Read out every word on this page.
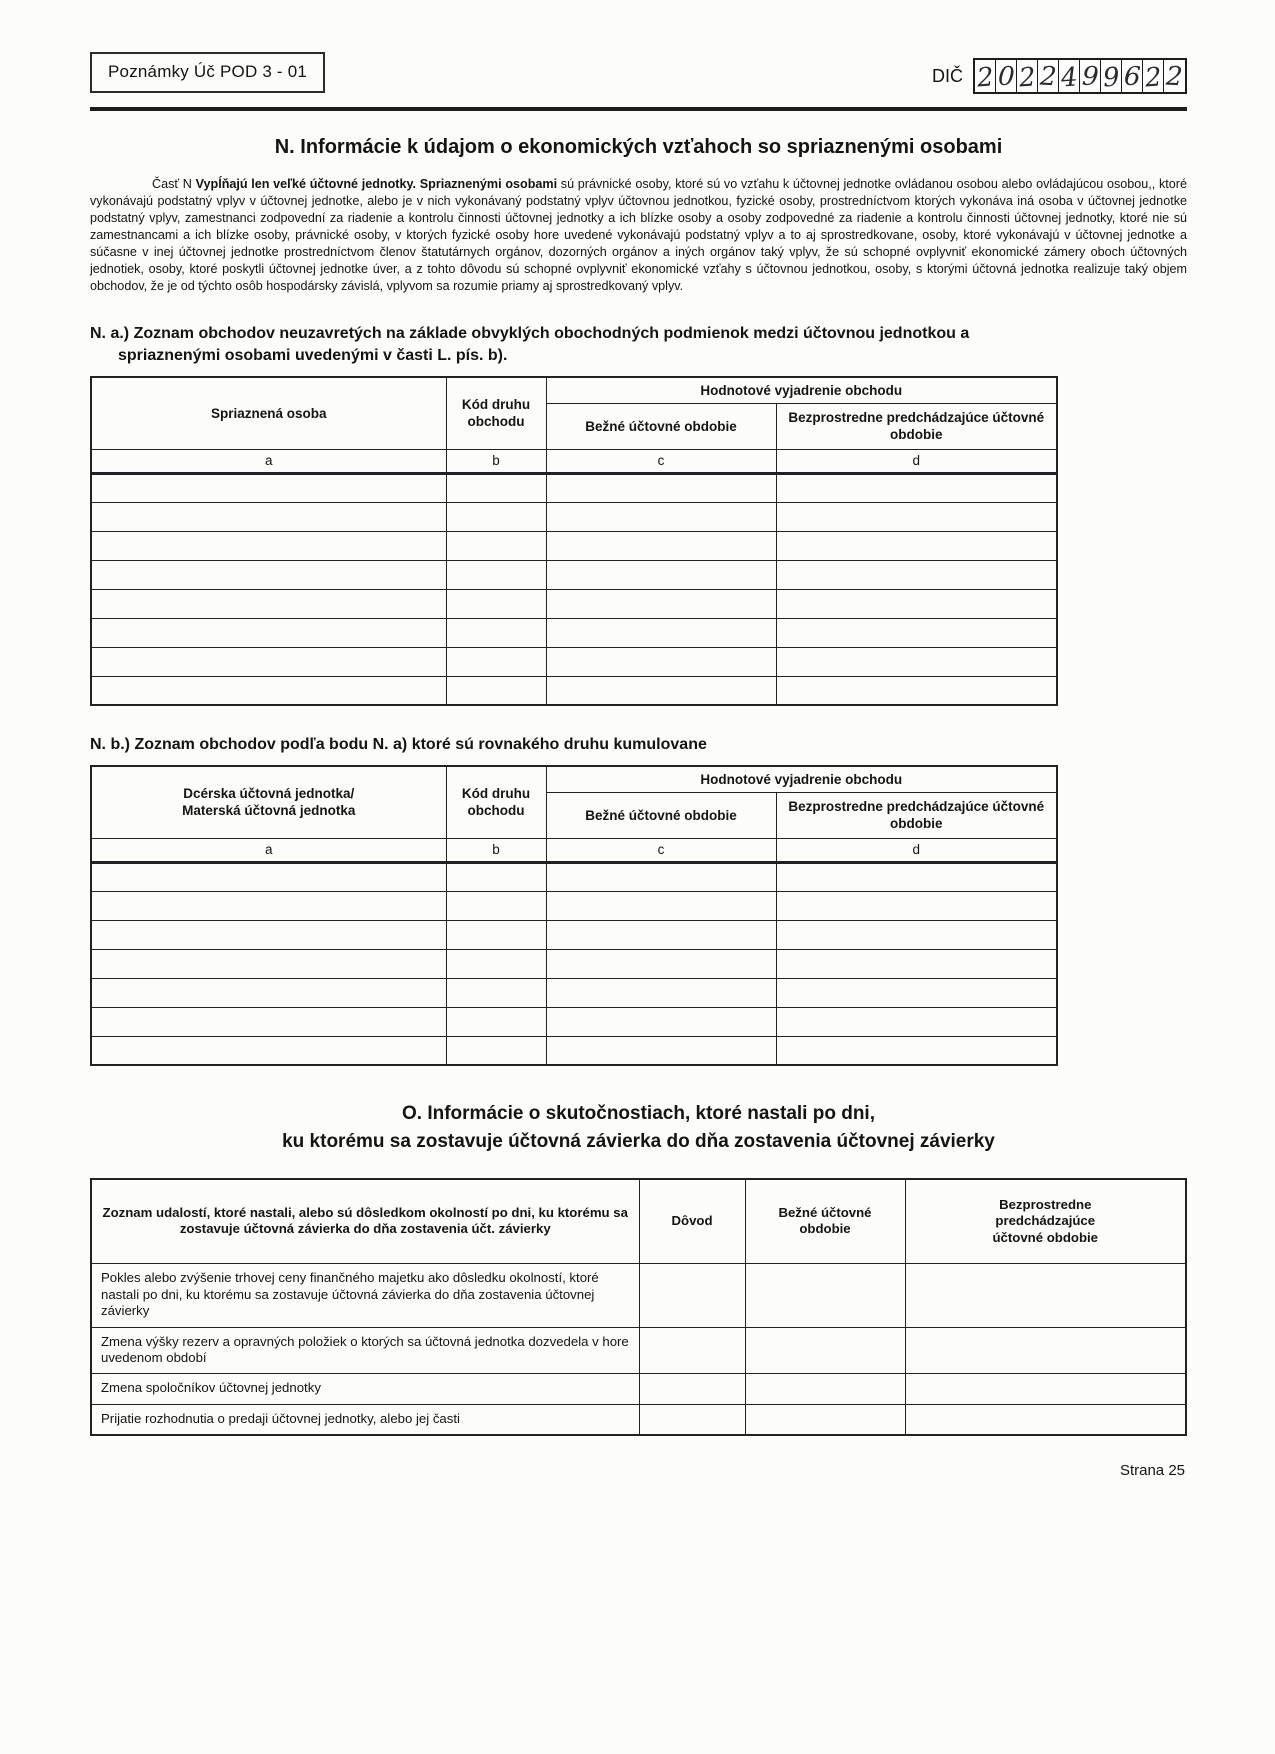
Poznámky Úč POD 3 - 01	DIČ 2 0 2 2 4 9 9 6 2 2
N. Informácie k údajom o ekonomických vzťahoch so spriaznenými osobami

Časť N Vypĺňajú len veľké účtovné jednotky. Spriaznenými osobami sú právnické osoby, ktoré sú vo vzťahu k účtovnej jednotke ovládanou osobou alebo ovládajúcou osobou,, ktoré vykonávajú podstatný vplyv v účtovnej jednotke, alebo je v nich vykonávaný podstatný vplyv účtovnou jednotkou, fyzické osoby, prostredníctvom ktorých vykonáva iná osoba v účtovnej jednotke podstatný vplyv, zamestnanci zodpovední za riadenie a kontrolu činnosti účtovnej jednotky a ich blízke osoby a osoby zodpovedné za riadenie a kontrolu činnosti účtovnej jednotky, ktoré nie sú zamestnancami a ich blízke osoby, právnické osoby, v ktorých fyzické osoby hore uvedené vykonávajú podstatný vplyv a to aj sprostredkovane, osoby, ktoré vykonávajú v účtovnej jednotke a súčasne v inej účtovnej jednotke prostredníctvom členov štatutárnych orgánov, dozorných orgánov a iných orgánov taký vplyv, že sú schopné ovplyvniť ekonomické zámery oboch účtovných jednotiek, osoby, ktoré poskytli účtovnej jednotke úver, a z tohto dôvodu sú schopné ovplyvniť ekonomické vzťahy s účtovnou jednotkou, osoby, s ktorými účtovná jednotka realizuje taký objem obchodov, že je od týchto osôb hospodársky závislá, vplyvom sa rozumie priamy aj sprostredkovaný vplyv.

N. a.) Zoznam obchodov neuzavretých na základe obvyklých obochodných podmienok medzi účtovnou jednotkou a spriaznenými osobami uvedenými v časti L. pís. b).
Spriaznená osoba	Kód druhu obchodu	Hodnotové vyjadrenie obchodu	
		Bežné účtovné obdobie	Bezprostredne predchádzajúce účtovné obdobie
a	b	c	d

N. b.) Zoznam obchodov podľa bodu N. a) ktoré sú rovnakého druhu kumulovane
Dcérska účtovná jednotka/ Materská účtovná jednotka	Kód druhu obchodu	Hodnotové vyjadrenie obchodu	
		Bežné účtovné obdobie	Bezprostredne predchádzajúce účtovné obdobie
a	b	c	d

O. Informácie o skutočnostiach, ktoré nastali po dni,
ku ktorému sa zostavuje účtovná závierka do dňa zostavenia účtovnej závierky
Zoznam udalostí, ktoré nastali, alebo sú dôsledkom okolností po dni, ku ktorému sa zostavuje účtovná závierka do dňa zostavenia účt. závierky	Dôvod	Bežné účtovné obdobie	Bezprostredne predchádzajúce účtovné obdobie

Pokles alebo zvýšenie trhovej ceny finančného majetku ako dôsledku okolností, ktoré nastali po dni, ku ktorému sa zostavuje účtovná závierka do dňa zostavenia účtovnej závierky			
Zmena výšky rezerv a opravných položiek o ktorých sa účtovná jednotka dozvedela v hore uvedenom období			
Zmena spoločníkov účtovnej jednotky			
Prijatie rozhodnutia o predaji účtovnej jednotky, alebo jej časti			
Strana 25
